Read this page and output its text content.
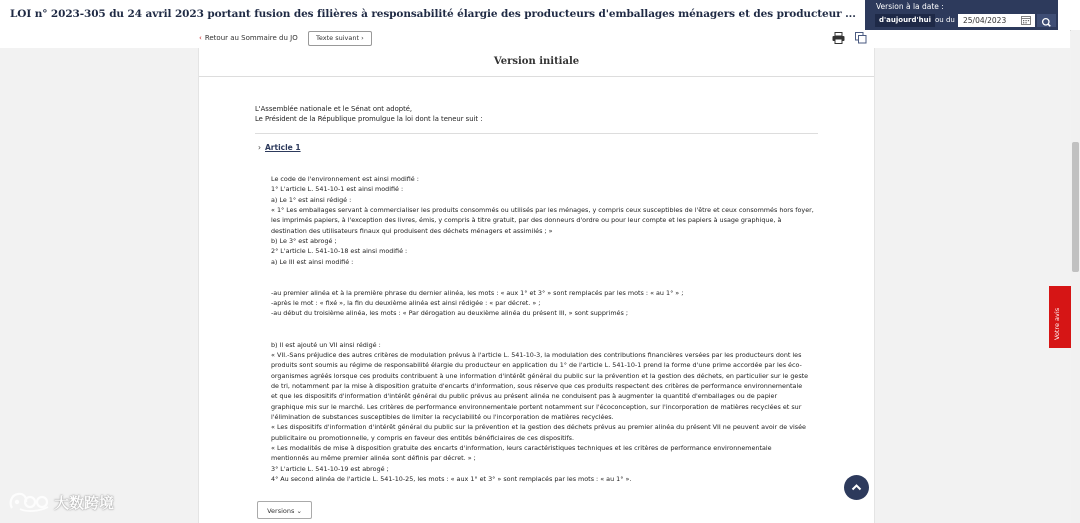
LOI n° 2023-305 du 24 avril 2023 portant fusion des filières à responsabilité élargie des producteurs d'emballages ménagers et des producteur ...
Version à la date :
d'aujourd'hui ou du
25/04/2023
‹ Retour au Sommaire du JO	Texte suivant ›
Version initiale
L'Assemblée nationale et le Sénat ont adopté,
Le Président de la République promulgue la loi dont la teneur suit :
› Article 1

Le code de l'environnement est ainsi modifié :

1° L'article L. 541-10-1 est ainsi modifié :

a) Le 1° est ainsi rédigé :

« 1° Les emballages servant à commercialiser les produits consommés ou utilisés par les ménages, y compris ceux susceptibles de l'être et ceux consommés hors foyer,

les imprimés papiers, à l'exception des livres, émis, y compris à titre gratuit, par des donneurs d'ordre ou pour leur compte et les papiers à usage graphique, à

destination des utilisateurs finaux qui produisent des déchets ménagers et assimilés ; »

b) Le 3° est abrogé ;

2° L'article L. 541-10-18 est ainsi modifié :

a) Le III est ainsi modifié :

-au premier alinéa et à la première phrase du dernier alinéa, les mots : « aux 1° et 3° » sont remplacés par les mots : « au 1° » ;

-après le mot : « fixé », la fin du deuxième alinéa est ainsi rédigée : « par décret. » ;

-au début du troisième alinéa, les mots : « Par dérogation au deuxième alinéa du présent III, » sont supprimés ;

b) Il est ajouté un VII ainsi rédigé :

« VII.-Sans préjudice des autres critères de modulation prévus à l'article L. 541-10-3, la modulation des contributions financières versées par les producteurs dont les

produits sont soumis au régime de responsabilité élargie du producteur en application du 1° de l'article L. 541-10-1 prend la forme d'une prime accordée par les éco-

organismes agréés lorsque ces produits contribuent à une information d'intérêt général du public sur la prévention et la gestion des déchets, en particulier sur le geste

de tri, notamment par la mise à disposition gratuite d'encarts d'information, sous réserve que ces produits respectent des critères de performance environnementale

et que les dispositifs d'information d'intérêt général du public prévus au présent alinéa ne conduisent pas à augmenter la quantité d'emballages ou de papier

graphique mis sur le marché. Les critères de performance environnementale portent notamment sur l'écoconception, sur l'incorporation de matières recyclées et sur

l'élimination de substances susceptibles de limiter la recyclabilité ou l'incorporation de matières recyclées.

« Les dispositifs d'information d'intérêt général du public sur la prévention et la gestion des déchets prévus au premier alinéa du présent VII ne peuvent avoir de visée

publicitaire ou promotionnelle, y compris en faveur des entités bénéficiaires de ces dispositifs.

« Les modalités de mise à disposition gratuite des encarts d'information, leurs caractéristiques techniques et les critères de performance environnementale

mentionnés au même premier alinéa sont définis par décret. » ;

3° L'article L. 541-10-19 est abrogé ;

4° Au second alinéa de l'article L. 541-10-25, les mots : « aux 1° et 3° » sont remplacés par les mots : « au 1° ».

Versions ⌄
Votre avis
大数跨境
